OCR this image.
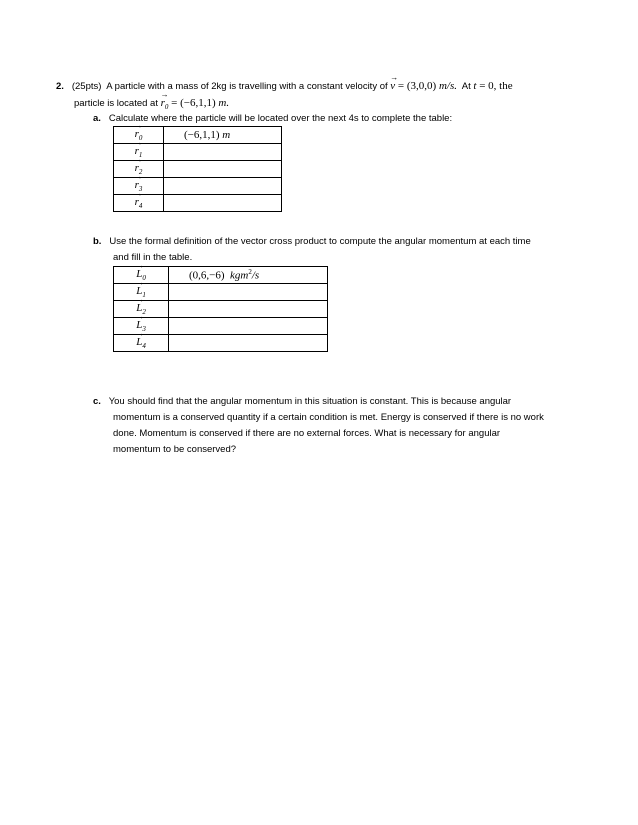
2. (25pts) A particle with a mass of 2kg is travelling with a constant velocity of → v = (3,0,0) m/s. At t = 0, the
particle is located at → $r_0 = (-6,1,1)$ m.
a. Calculate where the particle will be located over the next 4s to complete the table:
→ $r_0$	(−6,1,1) m
→ $r_1$	
→ $r_2$	
→ $r_3$	
→ $r_4$	
b. Use the formal definition of the vector cross product to compute the angular momentum at each time
and fill in the table.
→ $L_0$	(0,6,−6) kgm$^2$/s
→ $L_1$	
→ $L_2$	
→ $L_3$	
→ $L_4$	
c. You should find that the angular momentum in this situation is constant. This is because angular
momentum is a conserved quantity if a certain condition is met. Energy is conserved if there is no work
done. Momentum is conserved if there are no external forces. What is necessary for angular
momentum to be conserved?
